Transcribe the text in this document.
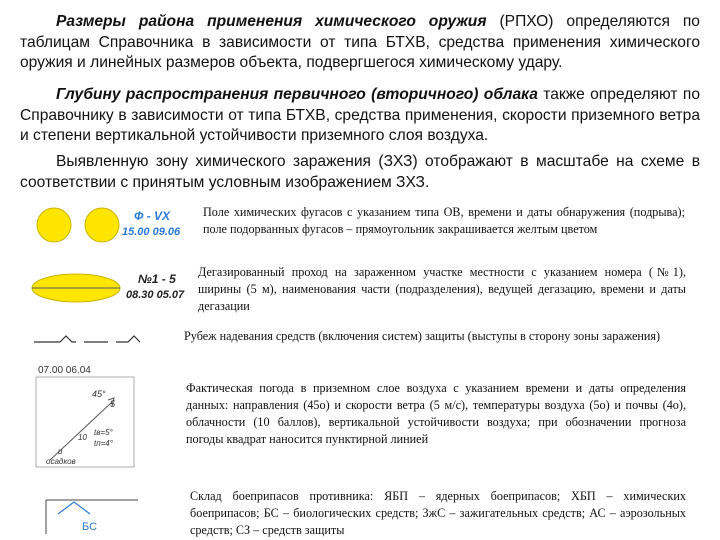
Размеры района применения химического оружия (РПХО) определяются по таблицам Справочника в зависимости от типа БТХВ, средства применения химического оружия и линейных размеров объекта, подвергшегося химическому удару.
Глубину распространения первичного (вторичного) облака также определяют по Справочнику в зависимости от типа БТХВ, средства применения, скорости приземного ветра и степени вертикальной устойчивости приземного слоя воздуха.
Выявленную зону химического заражения (ЗХЗ) отображают в масштабе на схеме в соответствии с принятым условным изображением ЗХЗ.
Ф - VX
15.00 09.06
Поле химических фугасов с указанием типа ОВ, времени и даты обнаружения (подрыва); поле подорванных фугасов – прямоугольник закрашивается желтым цветом
№1 - 5
08.30 05.07
Дегазированный проход на зараженном участке местности с указанием номера (№1), ширины (5 м), наименования части (подразделения), ведущей дегазацию, времени и даты дегазации
Рубеж надевания средств (включения систем) защиты (выступы в сторону зоны заражения)
07.00 06.04
45°
5
tв=5°
tп=4°
10
и
осадков
Фактическая погода в приземном слое воздуха с указанием времени и даты определения данных: направления (45о) и скорости ветра (5 м/с), температуры воздуха (5о) и почвы (4о), облачности (10 баллов), вертикальной устойчивости воздуха; при обозначении прогноза погоды квадрат наносится пунктирной линией
БС
Склад боеприпасов противника: ЯБП – ядерных боеприпасов; ХБП – химических боеприпасов; БС – биологических средств; ЗжС – зажигательных средств; АС – аэрозольных средств; СЗ – средств защиты
